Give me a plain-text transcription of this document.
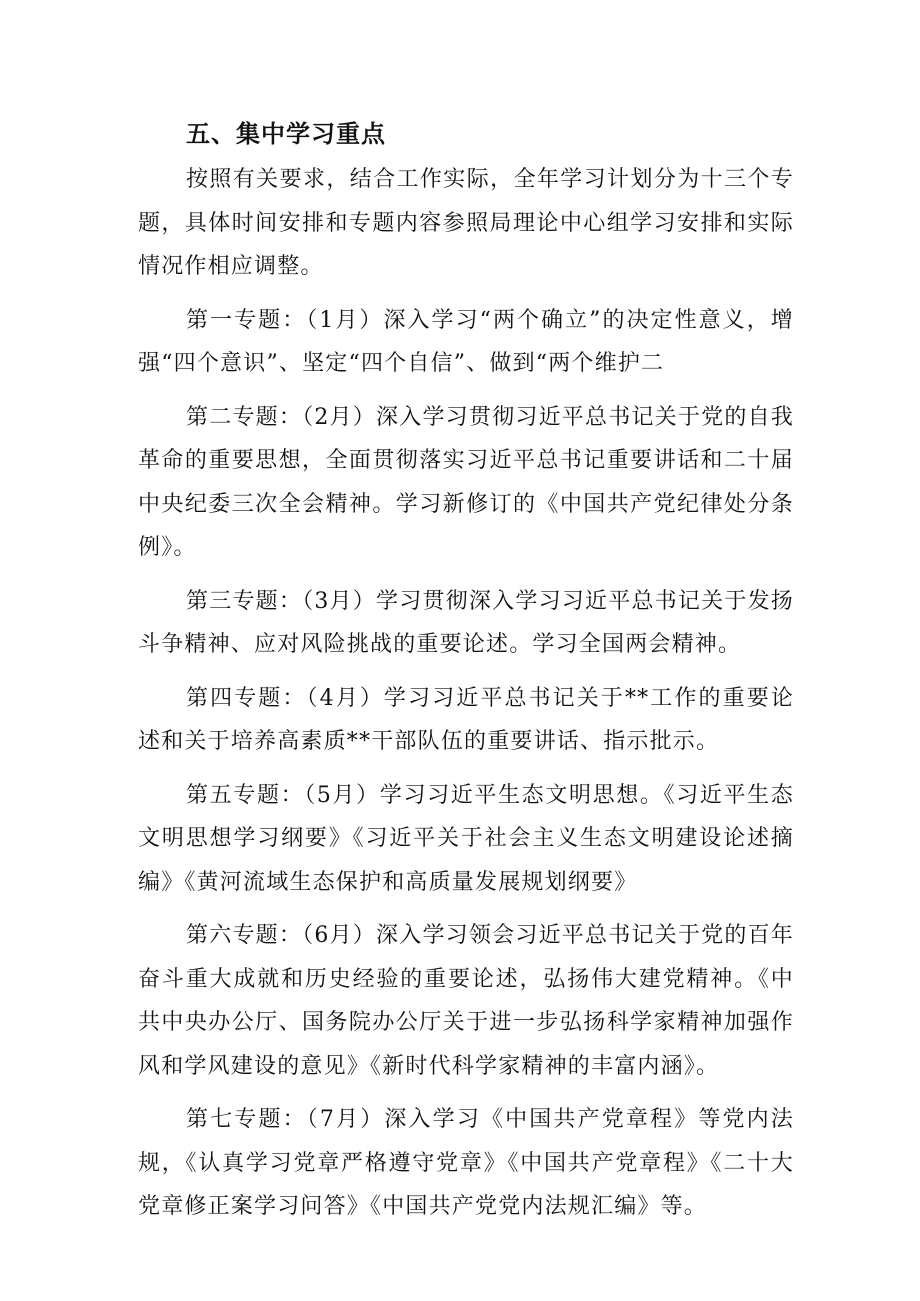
五、集中学习重点

按照有关要求，结合工作实际，全年学习计划分为十三个专题，具体时间安排和专题内容参照局理论中心组学习安排和实际情况作相应调整。

第一专题：（1月）深入学习“两个确立”的决定性意义，增强“四个意识”、坚定“四个自信”、做到“两个维护二

第二专题：（2月）深入学习贯彻习近平总书记关于党的自我革命的重要思想，全面贯彻落实习近平总书记重要讲话和二十届中央纪委三次全会精神。学习新修订的《中国共产党纪律处分条例》。

第三专题：（3月）学习贯彻深入学习习近平总书记关于发扬斗争精神、应对风险挑战的重要论述。学习全国两会精神。

第四专题：（4月）学习习近平总书记关于**工作的重要论述和关于培养高素质**干部队伍的重要讲话、指示批示。

第五专题：（5月）学习习近平生态文明思想。《习近平生态文明思想学习纲要》《习近平关于社会主义生态文明建设论述摘编》《黄河流域生态保护和高质量发展规划纲要》

第六专题：（6月）深入学习领会习近平总书记关于党的百年奋斗重大成就和历史经验的重要论述，弘扬伟大建党精神。《中共中央办公厅、国务院办公厅关于进一步弘扬科学家精神加强作风和学风建设的意见》《新时代科学家精神的丰富内涵》。

第七专题：（7月）深入学习《中国共产党章程》等党内法规，《认真学习党章严格遵守党章》《中国共产党章程》《二十大党章修正案学习问答》《中国共产党党内法规汇编》等。
